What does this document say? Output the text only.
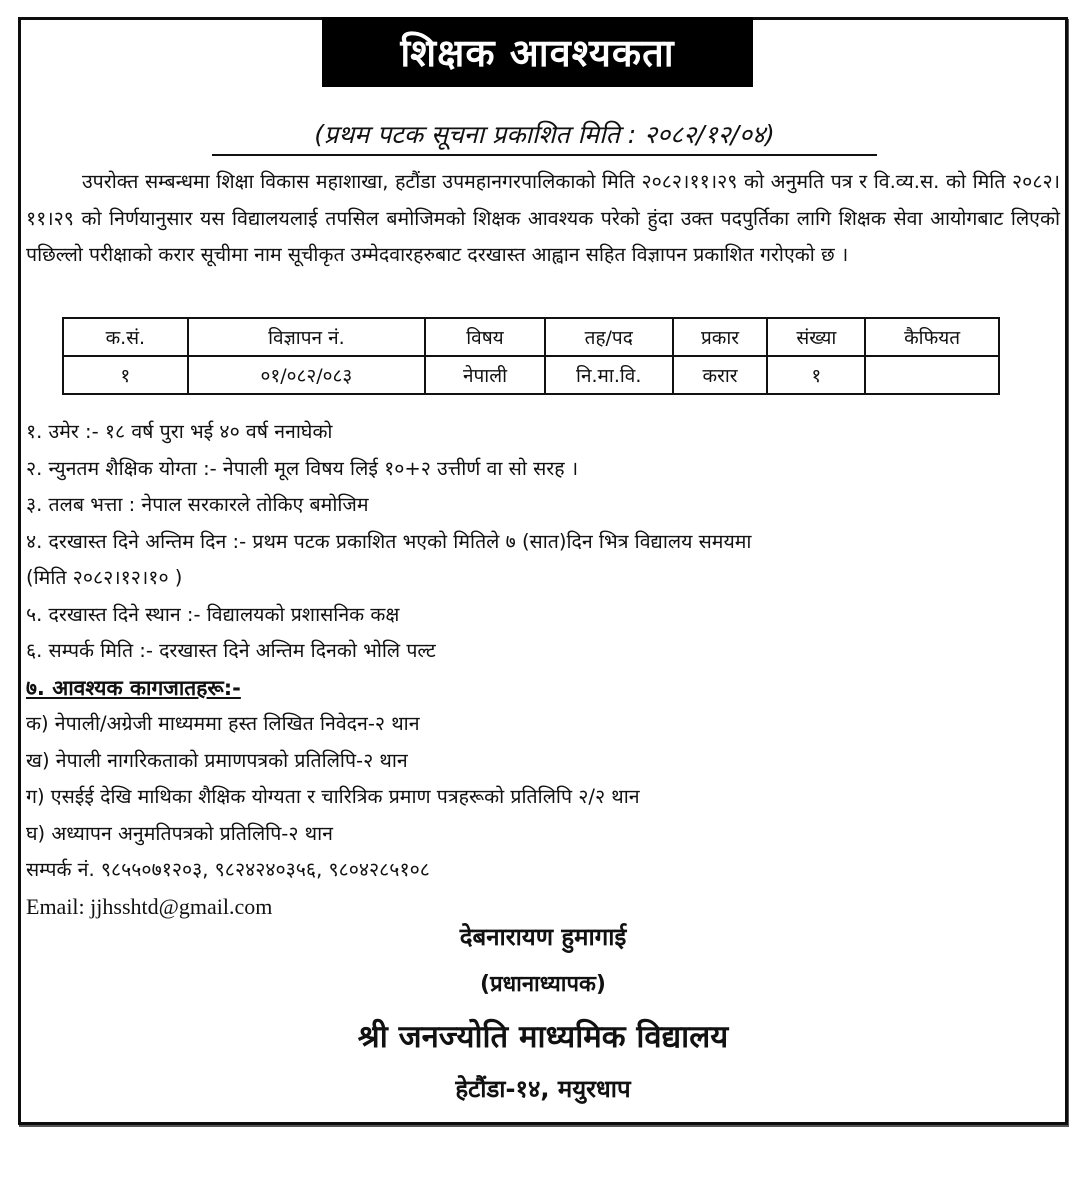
शिक्षक आवश्यकता
(प्रथम पटक सूचना प्रकाशित मिति : २०८२/१२/०४)
उपरोक्त सम्बन्धमा शिक्षा विकास महाशाखा, हटौंडा उपमहानगरपालिकाको मिति २०८२।११।२९ को अनुमति पत्र र वि.व्य.स. को मिति २०८२।११।२९ को निर्णयानुसार यस विद्यालयलाई तपसिल बमोजिमको शिक्षक आवश्यक परेको हुंदा उक्त पदपुर्तिका लागि शिक्षक सेवा आयोगबाट लिएको पछिल्लो परीक्षाको करार सूचीमा नाम सूचीकृत उम्मेदवारहरुबाट दरखास्त आह्वान सहित विज्ञापन प्रकाशित गरोएको छ ।
क.सं.	विज्ञापन नं.	विषय	तह/पद	प्रकार	संख्या	कैफियत
१	०१/०८२/०८३	नेपाली	नि.मा.वि.	करार	१	
१. उमेर :- १८ वर्ष पुरा भई ४० वर्ष ननाघेको
२. न्युनतम शैक्षिक योग्ता :- नेपाली मूल विषय लिई १०+२ उत्तीर्ण वा सो सरह ।
३. तलब भत्ता : नेपाल सरकारले तोकिए बमोजिम
४. दरखास्त दिने अन्तिम दिन :- प्रथम पटक प्रकाशित भएको मितिले ७ (सात)दिन भित्र विद्यालय समयमा
(मिति २०८२।१२।१० )
५. दरखास्त दिने स्थान :- विद्यालयको प्रशासनिक कक्ष
६. सम्पर्क मिति :- दरखास्त दिने अन्तिम दिनको भोलि पल्ट
७. आवश्यक कागजातहरू:-
क) नेपाली/अग्रेजी माध्यममा हस्त लिखित निवेदन-२ थान
ख) नेपाली नागरिकताको प्रमाणपत्रको प्रतिलिपि-२ थान
ग) एसईई देखि माथिका शैक्षिक योग्यता र चारित्रिक प्रमाण पत्रहरूको प्रतिलिपि २/२ थान
घ) अध्यापन अनुमतिपत्रको प्रतिलिपि-२ थान
सम्पर्क नं. ९८५५०७१२०३, ९८२४२४०३५६, ९८०४२८५१०८
Email: jjhsshtd@gmail.com
देबनारायण हुमागाई
(प्रधानाध्यापक)
श्री जनज्योति माध्यमिक विद्यालय
हेटौंडा-१४, मयुरधाप
